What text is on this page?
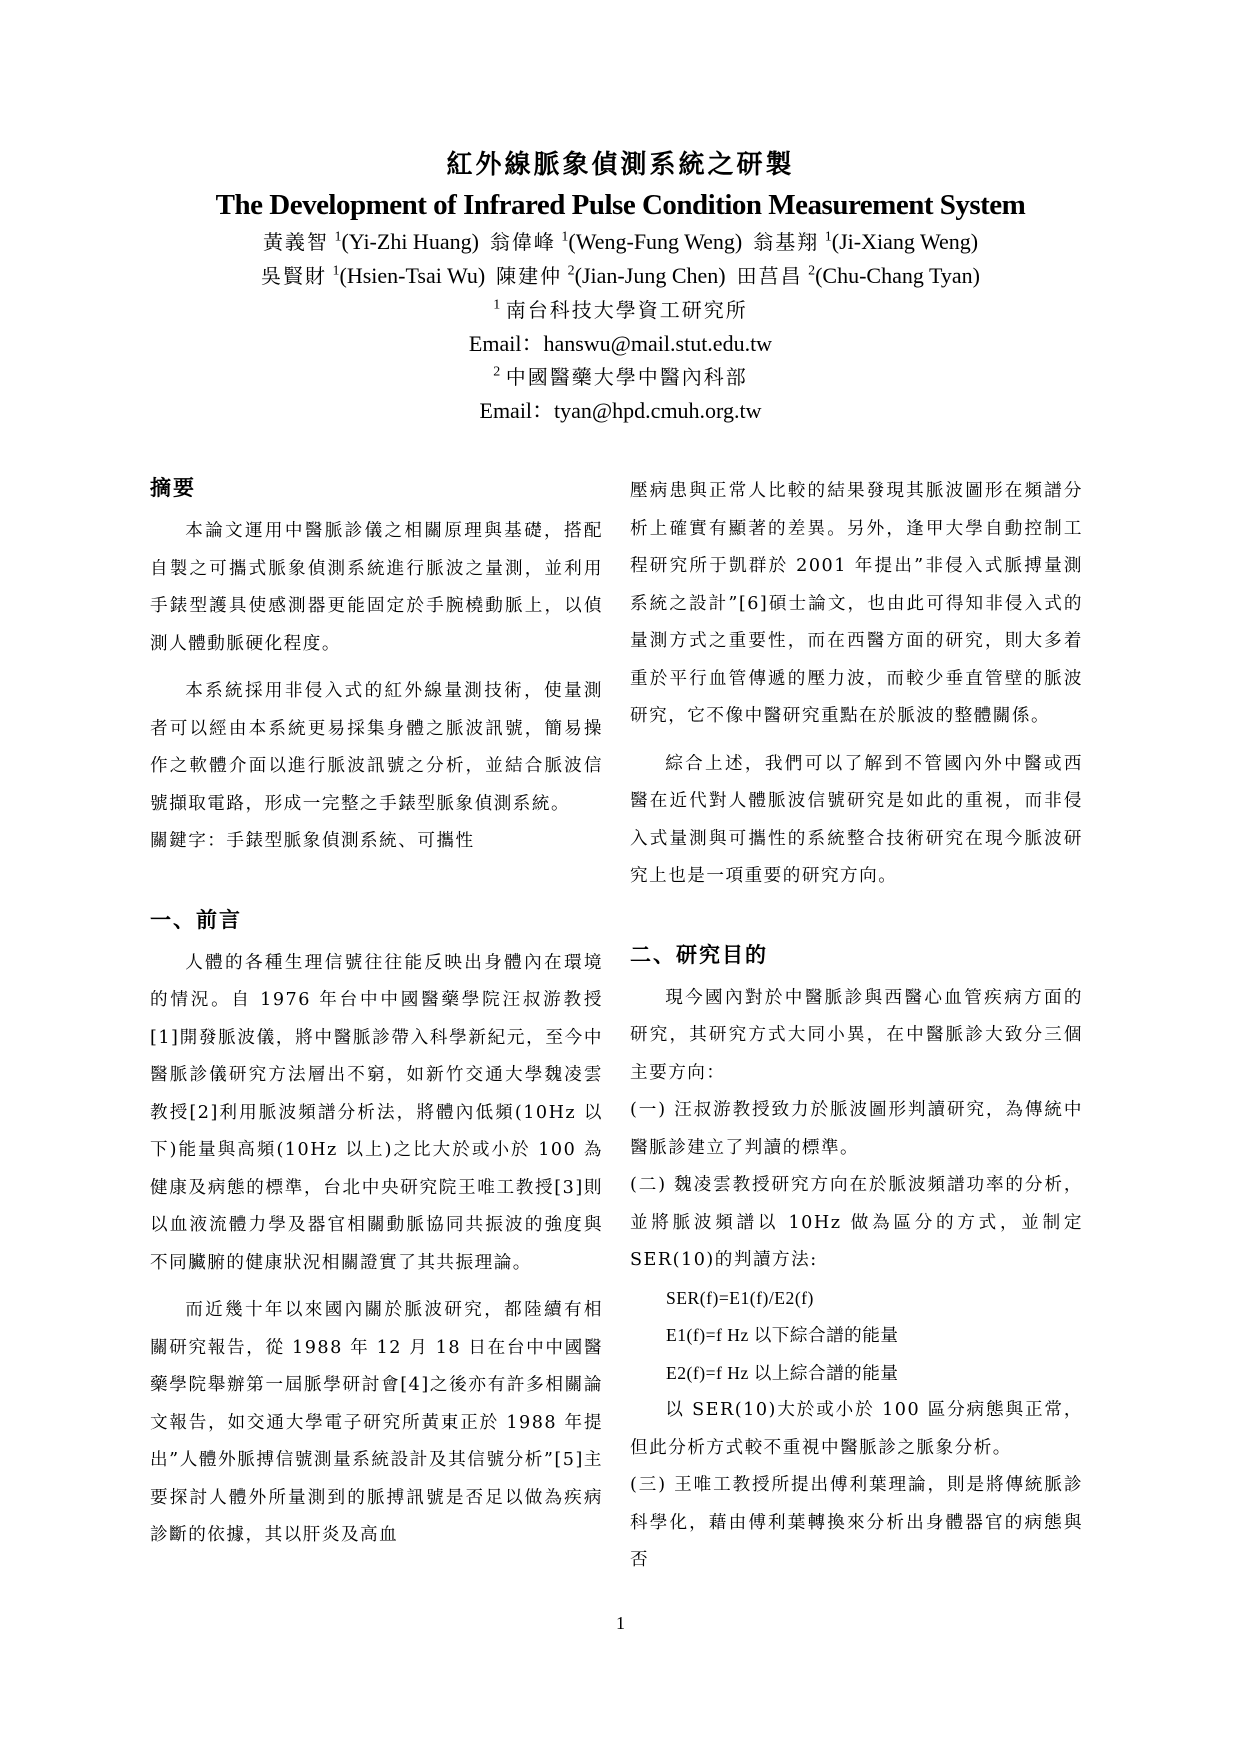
紅外線脈象偵測系統之研製
The Development of Infrared Pulse Condition Measurement System
黃義智 $^1$(Yi-Zhi Huang) 翁偉峰 $^1$(Weng-Fung Weng) 翁基翔 $^1$(Ji-Xiang Weng)
吳賢財 $^1$(Hsien-Tsai Wu) 陳建仲 $^2$(Jian-Jung Chen) 田莒昌 $^2$(Chu-Chang Tyan)
$^1$ 南台科技大學資工研究所
Email：hanswu@mail.stut.edu.tw
$^2$ 中國醫藥大學中醫內科部
Email：tyan@hpd.cmuh.org.tw
摘要

本論文運用中醫脈診儀之相關原理與基礎，搭配自製之可攜式脈象偵測系統進行脈波之量測，並利用手錶型護具使感測器更能固定於手腕橈動脈上，以偵測人體動脈硬化程度。

本系統採用非侵入式的紅外線量測技術，使量測者可以經由本系統更易採集身體之脈波訊號，簡易操作之軟體介面以進行脈波訊號之分析，並結合脈波信號擷取電路，形成一完整之手錶型脈象偵測系統。

關鍵字：手錶型脈象偵測系統、可攜性

一、前言

人體的各種生理信號往往能反映出身體內在環境的情況。自 1976 年台中中國醫藥學院汪叔游教授[1]開發脈波儀，將中醫脈診帶入科學新紀元，至今中醫脈診儀研究方法層出不窮，如新竹交通大學魏凌雲教授[2]利用脈波頻譜分析法，將體內低頻(10Hz 以下)能量與高頻(10Hz 以上)之比大於或小於 100 為健康及病態的標準，台北中央研究院王唯工教授[3]則以血液流體力學及器官相關動脈協同共振波的強度與不同臟腑的健康狀況相關證實了其共振理論。

而近幾十年以來國內關於脈波研究，都陸續有相關研究報告，從 1988 年 12 月 18 日在台中中國醫藥學院舉辦第一屆脈學研討會[4]之後亦有許多相關論文報告，如交通大學電子研究所黃東正於 1988 年提出”人體外脈搏信號測量系統設計及其信號分析”[5]主要探討人體外所量測到的脈搏訊號是否足以做為疾病診斷的依據，其以肝炎及高血

壓病患與正常人比較的結果發現其脈波圖形在頻譜分析上確實有顯著的差異。另外，逢甲大學自動控制工程研究所于凱群於 2001 年提出”非侵入式脈搏量測系統之設計”[6]碩士論文，也由此可得知非侵入式的量測方式之重要性，而在西醫方面的研究，則大多着重於平行血管傳遞的壓力波，而較少垂直管壁的脈波研究，它不像中醫研究重點在於脈波的整體關係。

綜合上述，我們可以了解到不管國內外中醫或西醫在近代對人體脈波信號研究是如此的重視，而非侵入式量測與可攜性的系統整合技術研究在現今脈波研究上也是一項重要的研究方向。

二、研究目的

現今國內對於中醫脈診與西醫心血管疾病方面的研究，其研究方式大同小異，在中醫脈診大致分三個主要方向：

(一) 汪叔游教授致力於脈波圖形判讀研究，為傳統中醫脈診建立了判讀的標準。

(二) 魏凌雲教授研究方向在於脈波頻譜功率的分析，並將脈波頻譜以 10Hz 做為區分的方式，並制定 SER(10)的判讀方法:

SER(f)=E1(f)/E2(f)

E1(f)=f Hz 以下綜合譜的能量

E2(f)=f Hz 以上綜合譜的能量

以 SER(10)大於或小於 100 區分病態與正常，但此分析方式較不重視中醫脈診之脈象分析。

(三) 王唯工教授所提出傅利葉理論，則是將傳統脈診科學化，藉由傅利葉轉換來分析出身體器官的病態與否

1
